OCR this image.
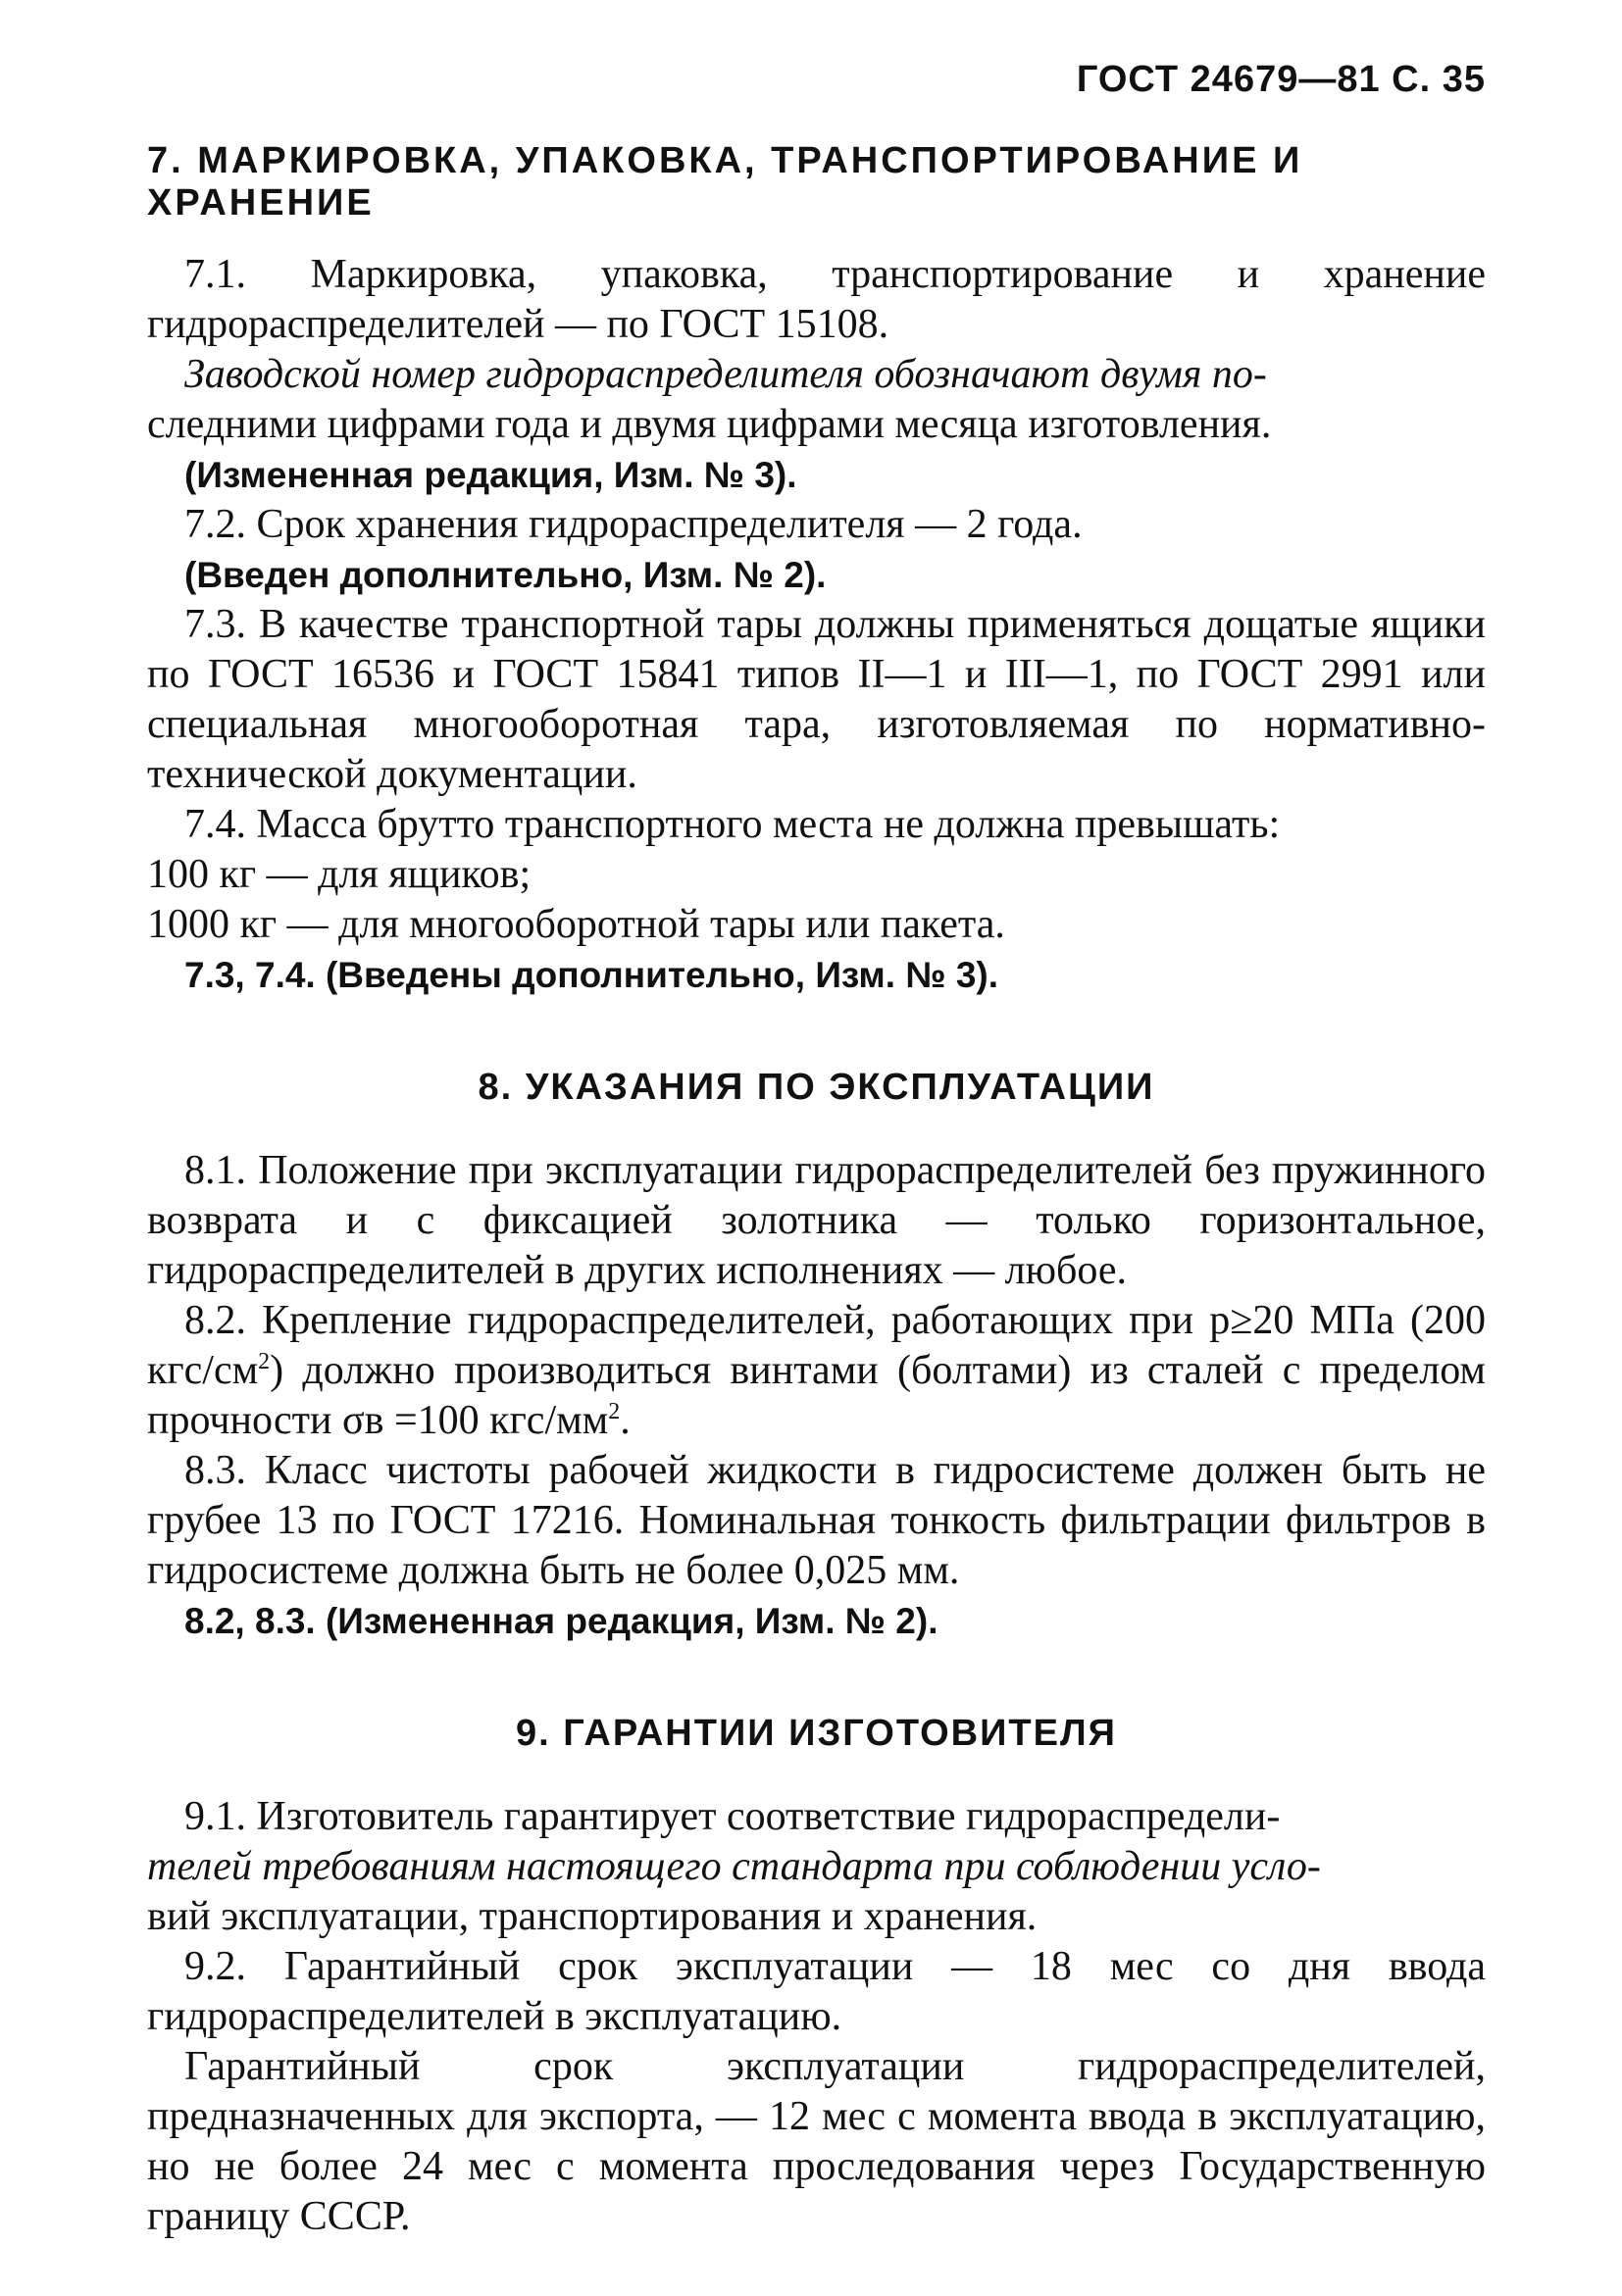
ГОСТ 24679—81 С. 35
7. МАРКИРОВКА, УПАКОВКА, ТРАНСПОРТИРОВАНИЕ И ХРАНЕНИЕ

7.1. Маркировка, упаковка, транспортирование и хранение гидрораспределителей — по ГОСТ 15108.

Заводской номер гидрораспределителя обозначают двумя по-
следними цифрами года и двумя цифрами месяца изготовления.

(Измененная редакция, Изм. № 3).

7.2. Срок хранения гидрораспределителя — 2 года.

(Введен дополнительно, Изм. № 2).

7.3. В качестве транспортной тары должны применяться дощатые ящики по ГОСТ 16536 и ГОСТ 15841 типов II—1 и III—1, по ГОСТ 2991 или специальная многооборотная тара, изготовляемая по нормативно-технической документации.

7.4. Масса брутто транспортного места не должна превышать:

100 кг — для ящиков;

1000 кг — для многооборотной тары или пакета.

7.3, 7.4. (Введены дополнительно, Изм. № 3).

8. УКАЗАНИЯ ПО ЭКСПЛУАТАЦИИ

8.1. Положение при эксплуатации гидрораспределителей без пружинного возврата и с фиксацией золотника — только горизонтальное, гидрораспределителей в других исполнениях — любое.

8.2. Крепление гидрораспределителей, работающих при p≥20 МПа (200 кгс/$см^2$) должно производиться винтами (болтами) из сталей с пределом прочности σв =100 кгс/$мм^2$.

8.3. Класс чистоты рабочей жидкости в гидросистеме должен быть не грубее 13 по ГОСТ 17216. Номинальная тонкость фильтрации фильтров в гидросистеме должна быть не более 0,025 мм.

8.2, 8.3. (Измененная редакция, Изм. № 2).

9. ГАРАНТИИ ИЗГОТОВИТЕЛЯ

9.1. Изготовитель гарантирует соответствие гидрораспредели-
телей требованиям настоящего стандарта при соблюдении усло-
вий эксплуатации, транспортирования и хранения.

9.2. Гарантийный срок эксплуатации — 18 мес со дня ввода гидрораспределителей в эксплуатацию.

Гарантийный срок эксплуатации гидрораспределителей, предназначенных для экспорта, — 12 мес с момента ввода в эксплуатацию, но не более 24 мес с момента проследования через Государственную границу СССР.
